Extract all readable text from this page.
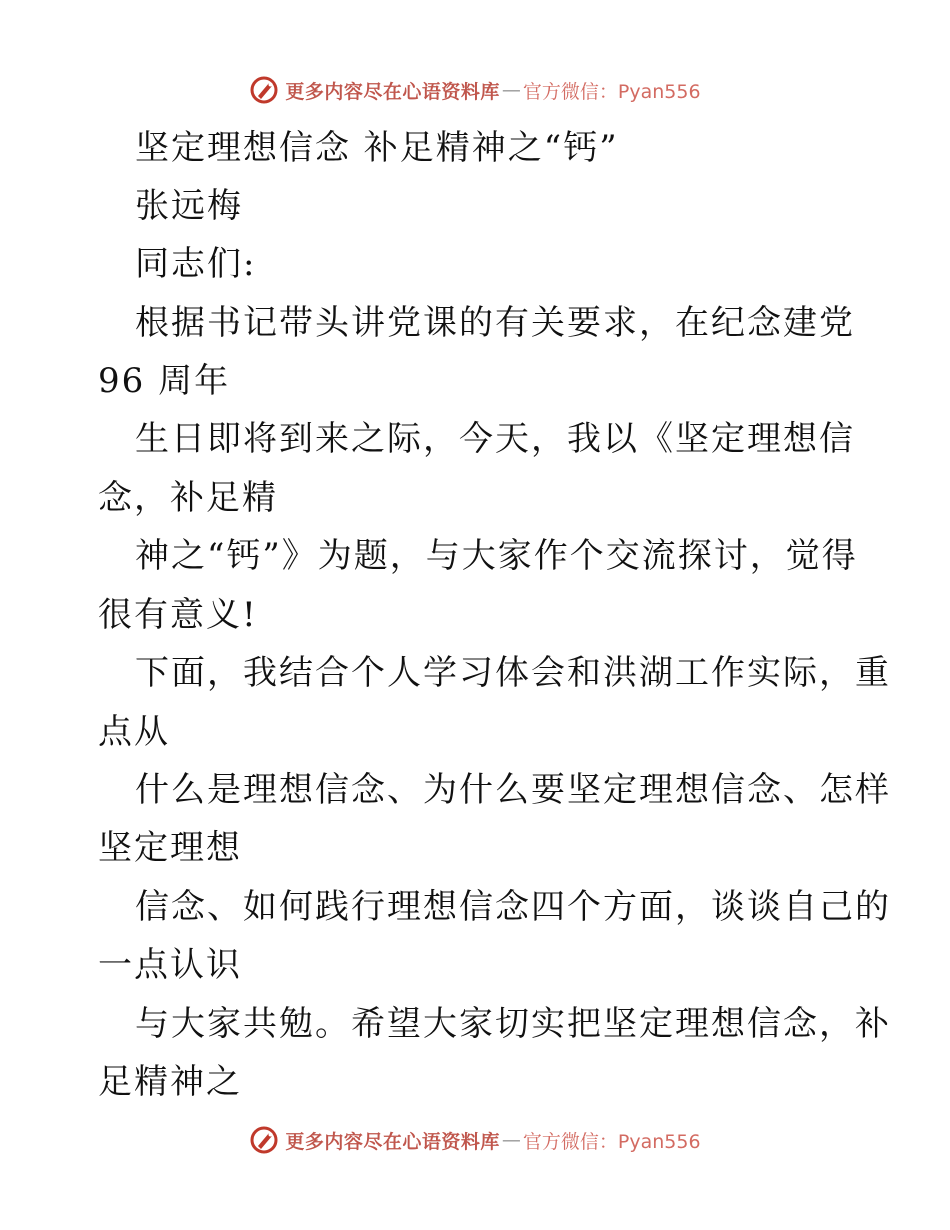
更多内容尽在心语资料库 — 官方微信：Pyan556
坚定理想信念 补足精神之“钙”
张远梅
同志们:
根据书记带头讲党课的有关要求，在纪念建党
96 周年
生日即将到来之际，今天，我以《坚定理想信
念，补足精
神之“钙”》为题，与大家作个交流探讨，觉得
很有意义!
下面，我结合个人学习体会和洪湖工作实际，重
点从
什么是理想信念、为什么要坚定理想信念、怎样
坚定理想
信念、如何践行理想信念四个方面，谈谈自己的
一点认识
与大家共勉。希望大家切实把坚定理想信念，补
足精神之
更多内容尽在心语资料库 — 官方微信：Pyan556
